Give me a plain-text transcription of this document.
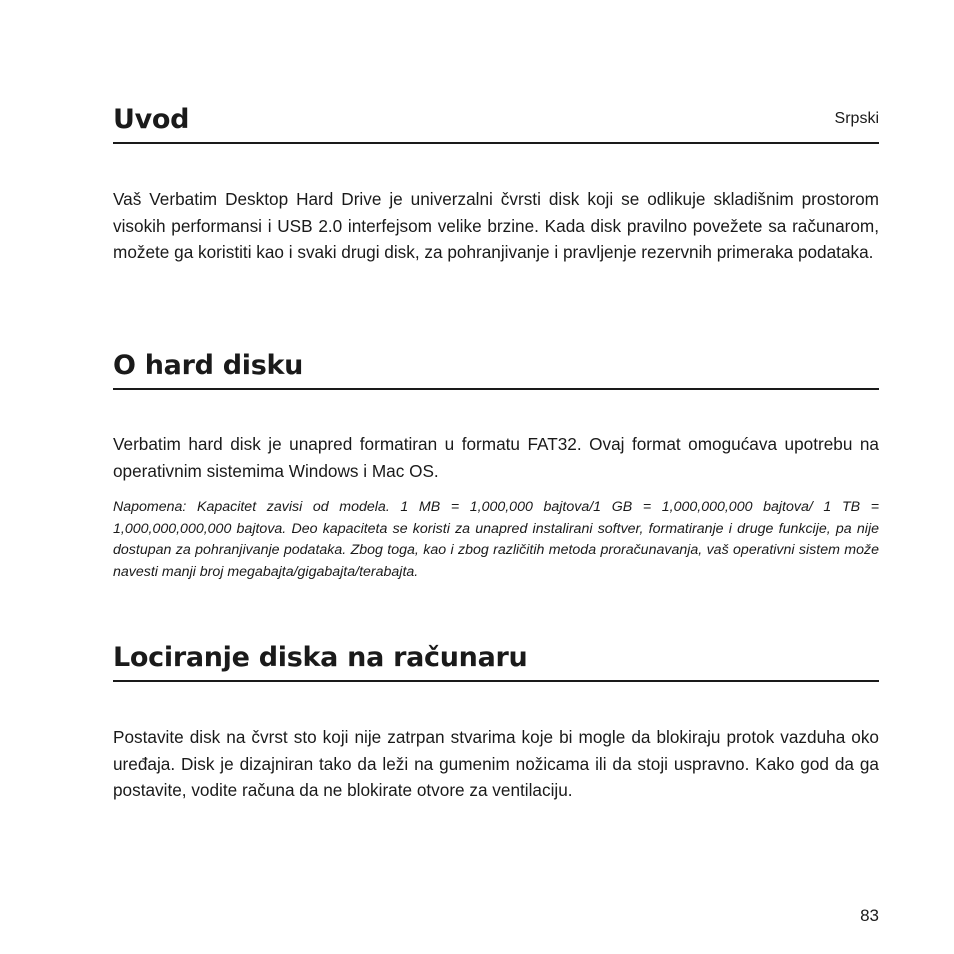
Uvod	Srpski

Vaš Verbatim Desktop Hard Drive je univerzalni čvrsti disk koji se odlikuje skladišnim prostorom visokih performansi i USB 2.0 interfejsom velike brzine. Kada disk pravilno povežete sa računarom, možete ga koristiti kao i svaki drugi disk, za pohranjivanje i pravljenje rezervnih primeraka podataka.

O hard disku

Verbatim hard disk je unapred formatiran u formatu FAT32. Ovaj format omogućava upotrebu na operativnim sistemima Windows i Mac OS.

Napomena: Kapacitet zavisi od modela. 1 MB = 1,000,000 bajtova/1 GB = 1,000,000,000 bajtova/ 1 TB = 1,000,000,000,000 bajtova. Deo kapaciteta se koristi za unapred instalirani softver, formatiranje i druge funkcije, pa nije dostupan za pohranjivanje podataka. Zbog toga, kao i zbog različitih metoda proračunavanja, vaš operativni sistem može navesti manji broj megabajta/gigabajta/terabajta.

Lociranje diska na računaru

Postavite disk na čvrst sto koji nije zatrpan stvarima koje bi mogle da blokiraju protok vazduha oko uređaja. Disk je dizajniran tako da leži na gumenim nožicama ili da stoji uspravno. Kako god da ga postavite, vodite računa da ne blokirate otvore za ventilaciju.

83
